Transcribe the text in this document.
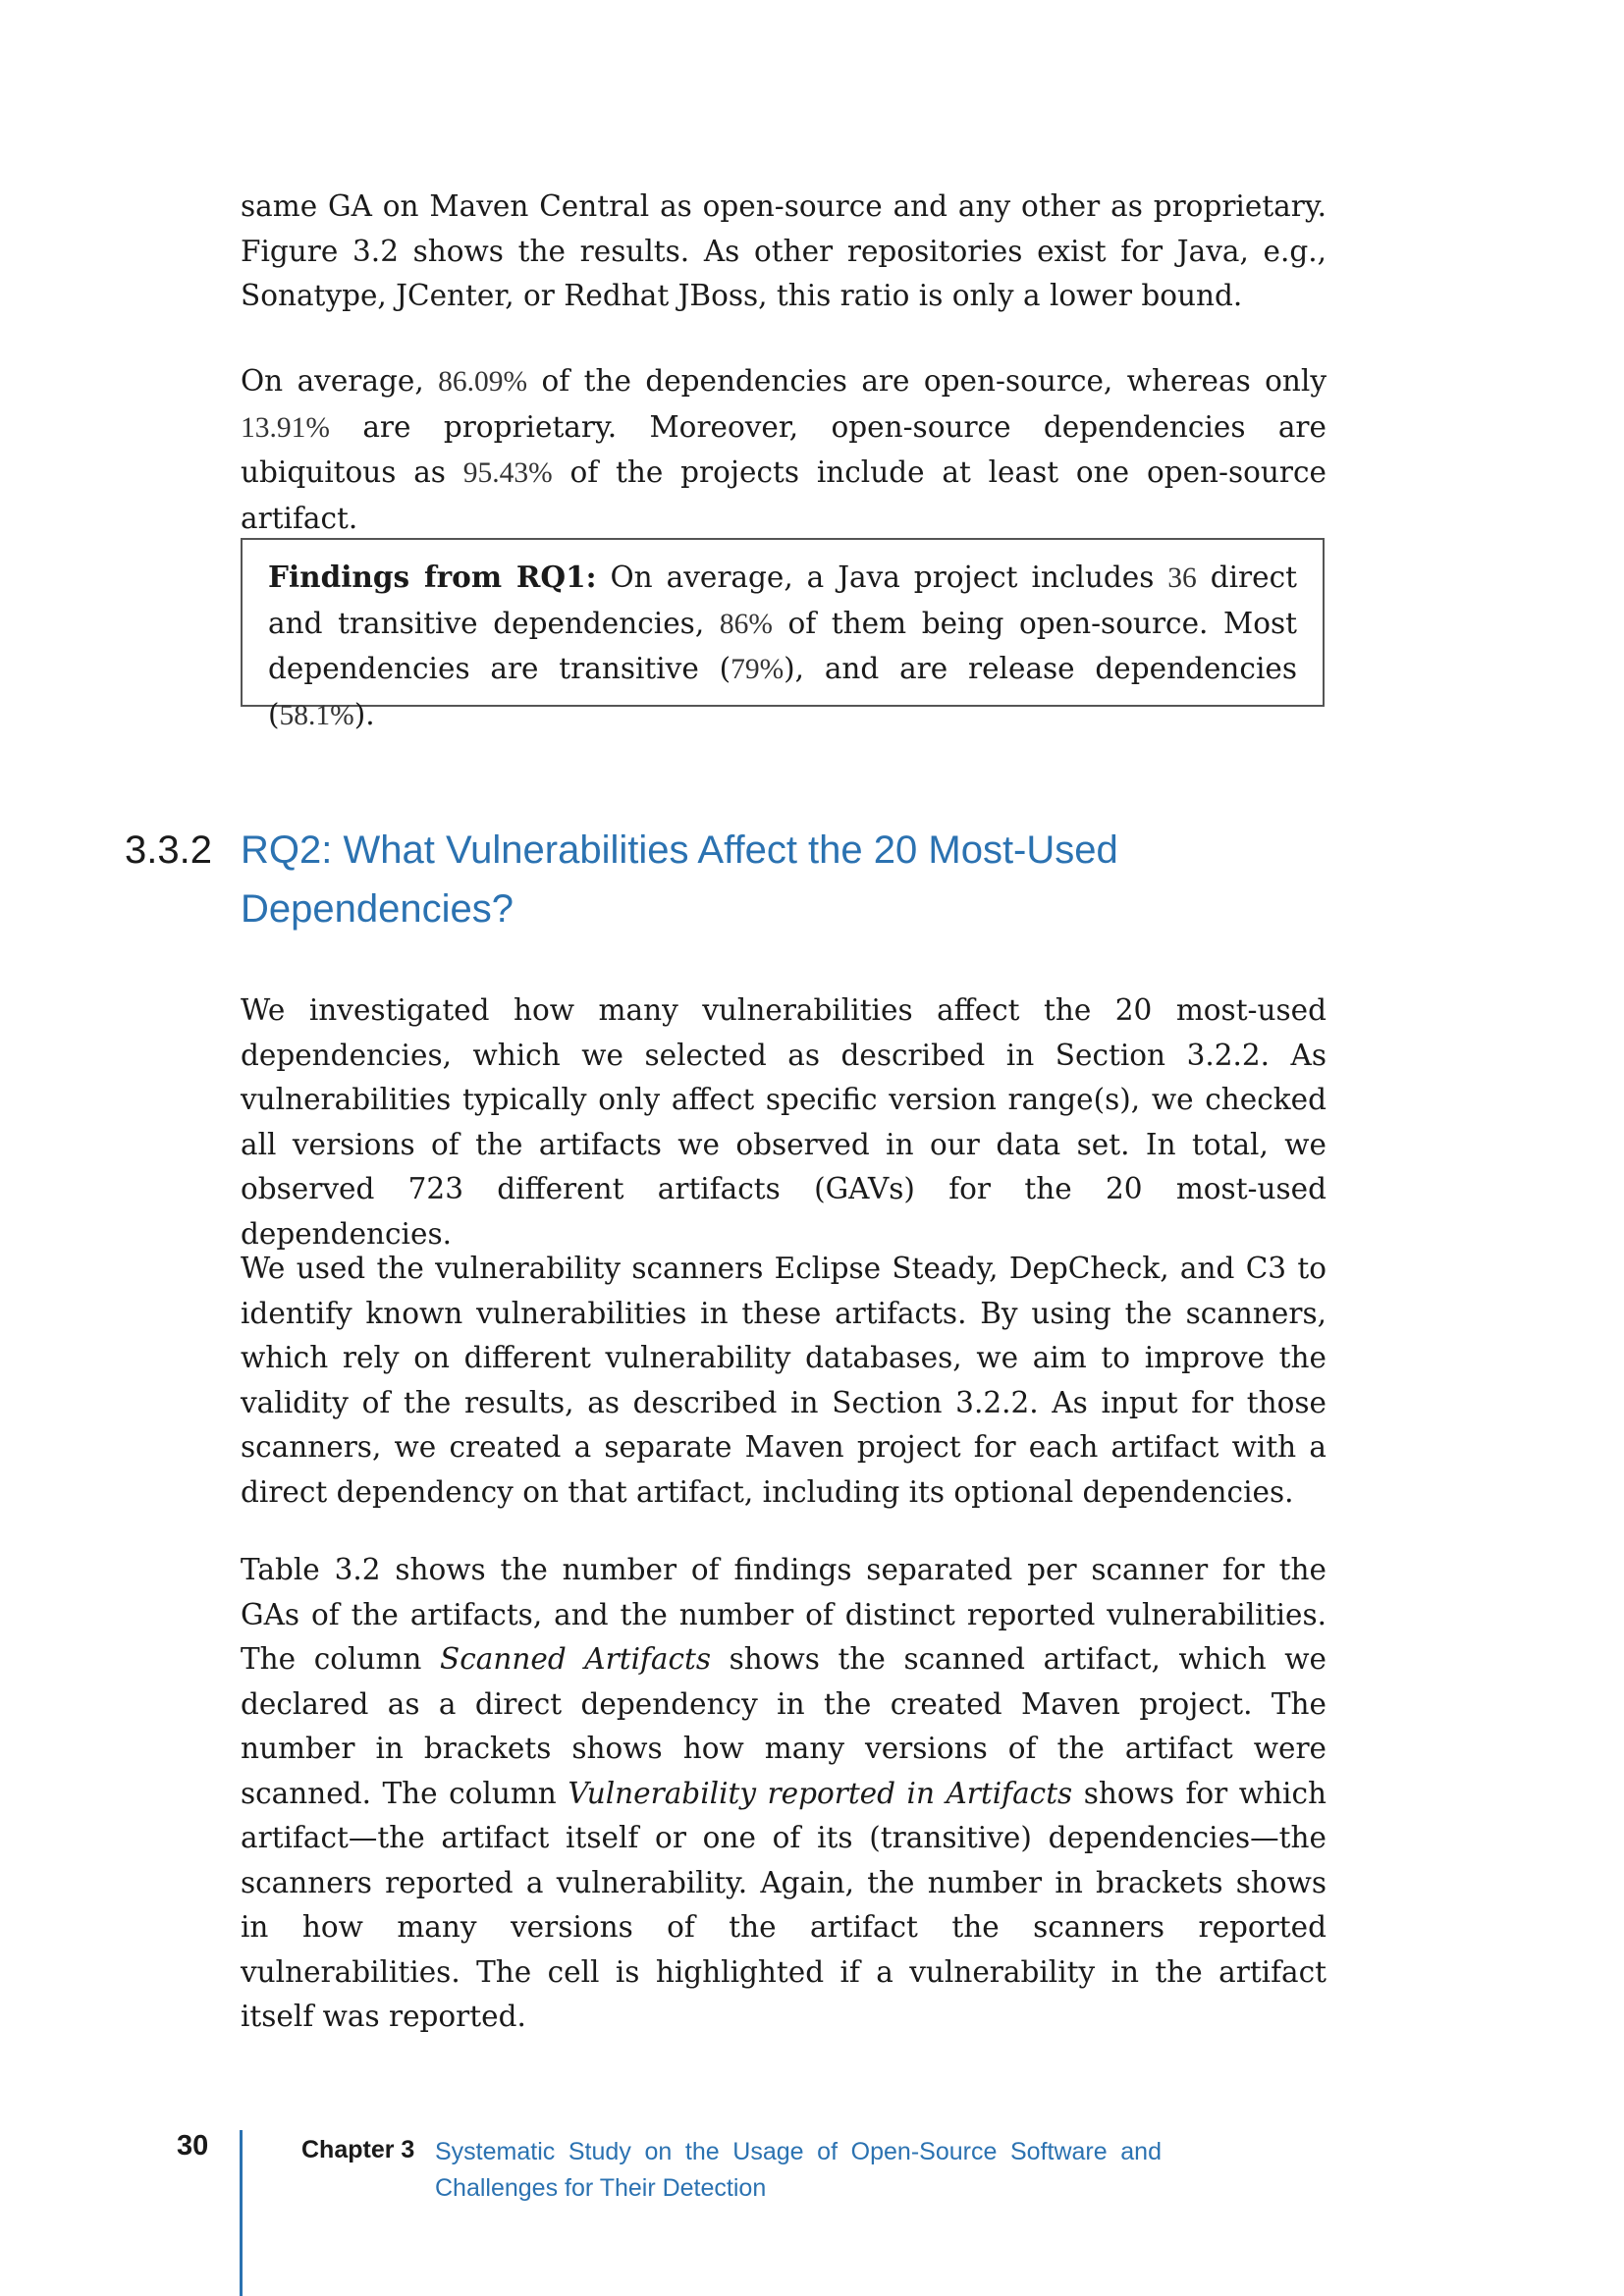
same GA on Maven Central as open-source and any other as proprietary. Figure 3.2 shows the results. As other repositories exist for Java, e.g., Sonatype, JCenter, or Redhat JBoss, this ratio is only a lower bound.

On average, 86.09% of the dependencies are open-source, whereas only 13.91% are proprietary. Moreover, open-source dependencies are ubiquitous as 95.43% of the projects include at least one open-source artifact.

Findings from RQ1: On average, a Java project includes 36 direct and transitive dependencies, 86% of them being open-source. Most dependencies are transitive (79%), and are release dependencies (58.1%).

3.3.2 RQ2: What Vulnerabilities Affect the 20 Most-Used Dependencies?

We investigated how many vulnerabilities affect the 20 most-used dependencies, which we selected as described in Section 3.2.2. As vulnerabilities typically only affect specific version range(s), we checked all versions of the artifacts we observed in our data set. In total, we observed 723 different artifacts (GAVs) for the 20 most-used dependencies.

We used the vulnerability scanners Eclipse Steady, DepCheck, and C3 to identify known vulnerabilities in these artifacts. By using the scanners, which rely on different vulnerability databases, we aim to improve the validity of the results, as described in Section 3.2.2. As input for those scanners, we created a separate Maven project for each artifact with a direct dependency on that artifact, including its optional dependencies.

Table 3.2 shows the number of findings separated per scanner for the GAs of the artifacts, and the number of distinct reported vulnerabilities. The column Scanned Artifacts shows the scanned artifact, which we declared as a direct dependency in the created Maven project. The number in brackets shows how many versions of the artifact were scanned. The column Vulnerability reported in Artifacts shows for which artifact—the artifact itself or one of its (transitive) dependencies—the scanners reported a vulnerability. Again, the number in brackets shows in how many versions of the artifact the scanners reported vulnerabilities. The cell is highlighted if a vulnerability in the artifact itself was reported.

30	Chapter 3 Systematic Study on the Usage of Open-Source Software and Challenges for Their Detection
